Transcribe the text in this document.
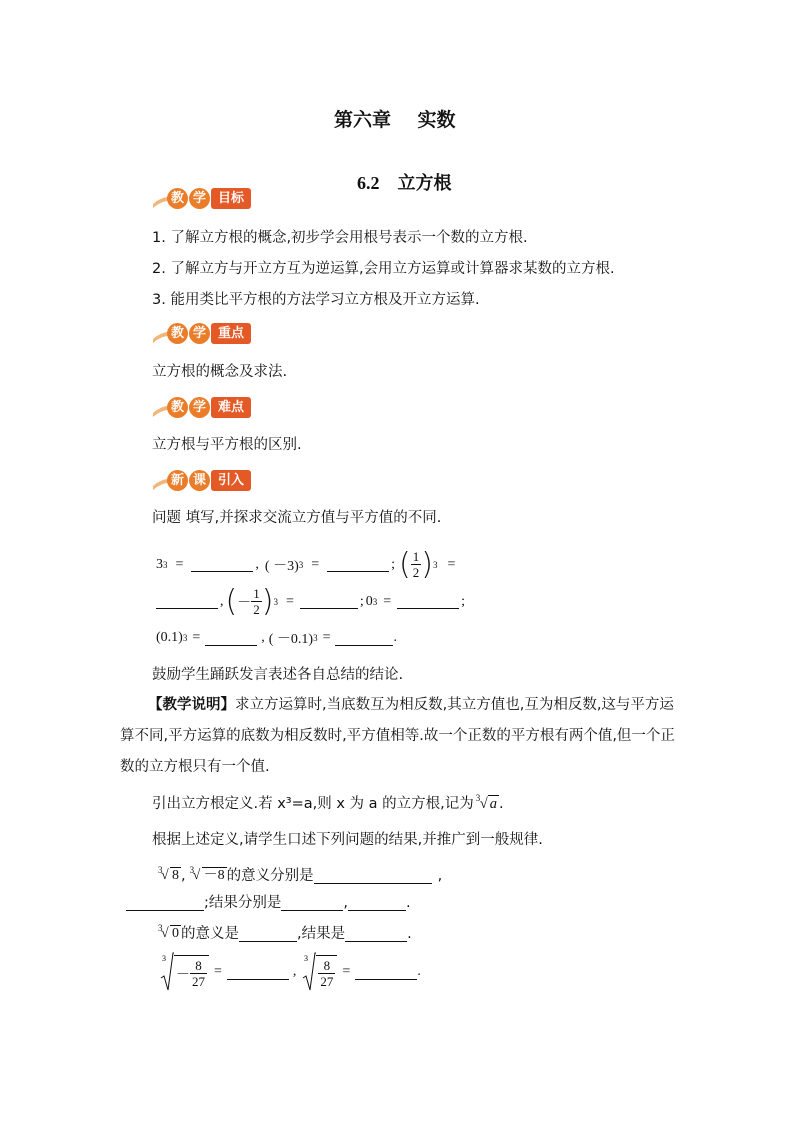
第六章    实数

6.2 立方根

教 学 目标
1. 了解立方根的概念,初步学会用根号表示一个数的立方根.
2. 了解立方与开立方互为逆运算,会用立方运算或计算器求某数的立方根.
3. 能用类比平方根的方法学习立方根及开立方运算.
教 学 重点
立方根的概念及求法.
教 学 难点
立方根与平方根的区别.
新 课 引入
问题 填写,并探求交流立方值与平方值的不同.
3 3 =	, ( －3) 3 =	; ( $\frac{1}{2}$ ) 3 =
, ( － $\frac{1}{2}$ ) 3 =	; 0 3 =	;
(0.1) 3 =	, ( －0.1) 3 =	.
鼓励学生踊跃发言表述各自总结的结论.
【教学说明】求立方运算时,当底数互为相反数,其立方值也,互为相反数,这与平方运算不同,平方运算的底数为相反数时,平方值相等.故一个正数的平方根有两个值,但一个正数的立方根只有一个值.
引出立方根定义.若 x³=a,则 x 为 a 的立方根,记为 3 √ a .
根据上述定义,请学生口述下列问题的结果,并推广到一般规律.
3
√ 8 , 3
√ －8 的意义分别是	,
;结果分别是	,	.
3
√ 0 的意义是	,结果是	.
3
－ $\frac{8}{27}$ =	,
$3 \frac{8}{27}$ =	.
